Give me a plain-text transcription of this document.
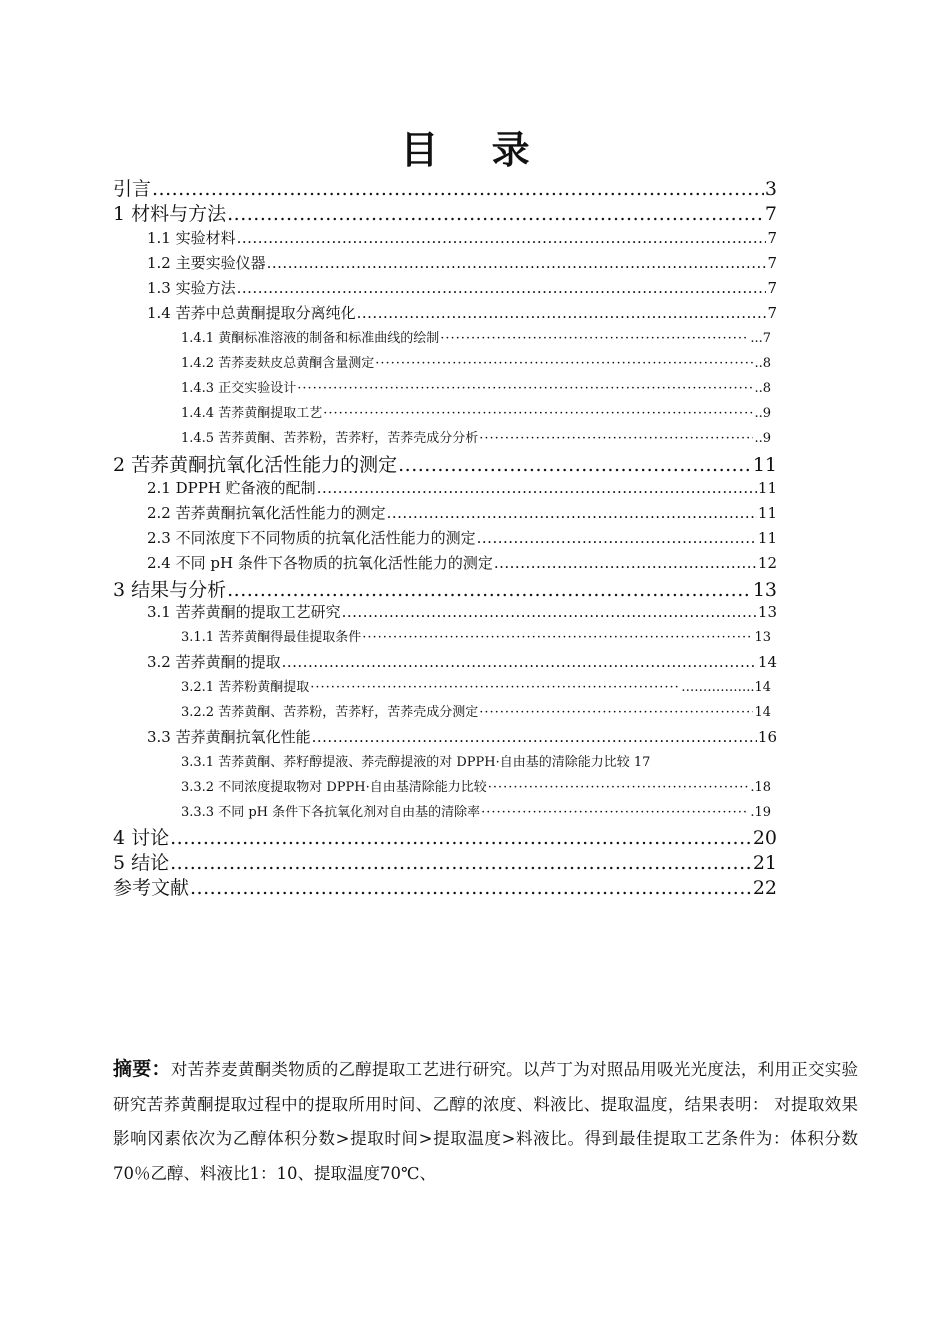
目 录
引言 .....	3
1 材料与方法 .....	7
1.1 实验材料 .....	7
1.2 主要实验仪器 .....	7
1.3 实验方法 .....	7
1.4 苦荞中总黄酮提取分离纯化 .....	7
1.4.1 黄酮标准溶液的制备和标准曲线的绘制 ·····	...7
1.4.2 苦荞麦麸皮总黄酮含量测定 ·····	..8
1.4.3 正交实验设计 ·····	..8
1.4.4 苦荞黄酮提取工艺 ·····	..9
1.4.5 苦荞黄酮、苦荞粉，苦荞籽，苦荞壳成分分析 ·····	..9
2 苦荞黄酮抗氧化活性能力的测定 .....	11
2.1 DPPH 贮备液的配制 .....	11
2.2 苦荞黄酮抗氧化活性能力的测定 .....	11
2.3 不同浓度下不同物质的抗氧化活性能力的测定 .....	11
2.4 不同 pH 条件下各物质的抗氧化活性能力的测定 .....	12
3 结果与分析 .....	13
3.1 苦荞黄酮的提取工艺研究 .....	13
3.1.1 苦荞黄酮得最佳提取条件 ·····	13
3.2 苦荞黄酮的提取 .....	14
3.2.1 苦荞粉黄酮提取 ·····	……………..14
3.2.2 苦荞黄酮、苦荞粉，苦荞籽，苦荞壳成分测定 ·····	14
3.3 苦荞黄酮抗氧化性能 .....	16
3.3.1 苦荞黄酮、荞籽醇提液、荞壳醇提液的对 DPPH·自由基的清除能力比较 17
3.3.2 不同浓度提取物对 DPPH·自由基清除能力比较 ·····	.18
3.3.3 不同 pH 条件下各抗氧化剂对自由基的清除率 ·····	.19
4 讨论 .....	20
5 结论 .....	21
参考文献 .....	22
摘要：对苦荞麦黄酮类物质的乙醇提取工艺进行研究。以芦丁为对照品用吸光光度法，利用正交实验研究苦荞黄酮提取过程中的提取所用时间、乙醇的浓度、料液比、提取温度，结果表明： 对提取效果影响冈素依次为乙醇体积分数>提取时间>提取温度>料液比。得到最佳提取工艺条件为：体积分数70％乙醇、料液比1：10、提取温度70℃、
